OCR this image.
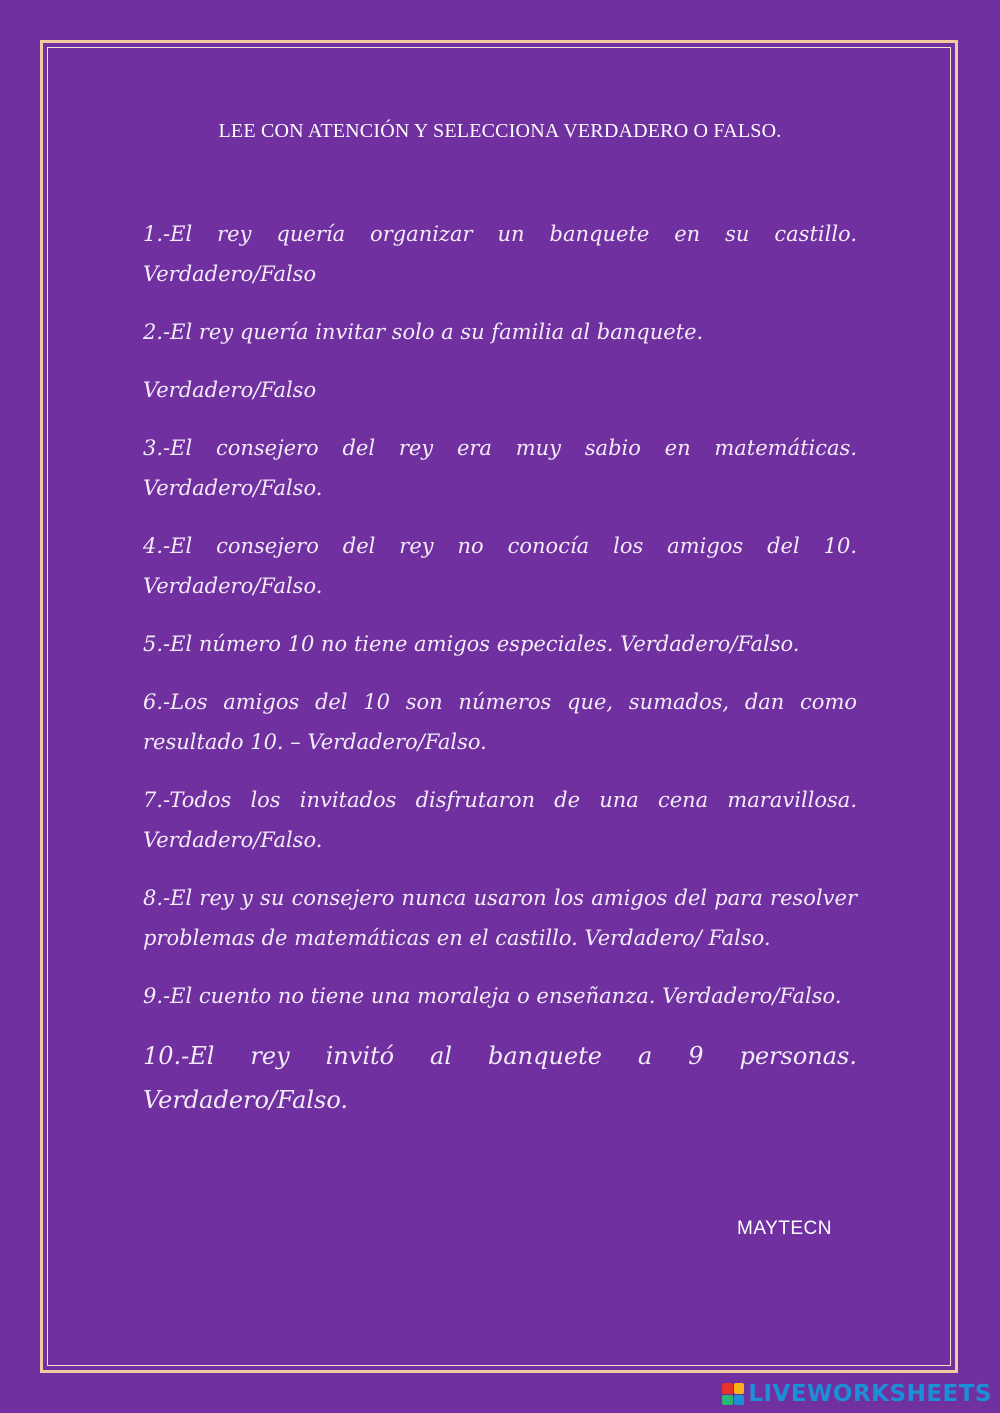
LEE CON ATENCIÓN Y SELECCIONA VERDADERO O FALSO.

1.-El rey quería organizar un banquete en su castillo. Verdadero/Falso

2.-El rey quería invitar solo a su familia al banquete.

Verdadero/Falso

3.-El consejero del rey era muy sabio en matemáticas. Verdadero/Falso.

4.-El consejero del rey no conocía los amigos del 10. Verdadero/Falso.

5.-El número 10 no tiene amigos especiales. Verdadero/Falso.

6.-Los amigos del 10 son números que, sumados, dan como resultado 10. – Verdadero/Falso.

7.-Todos los invitados disfrutaron de una cena maravillosa. Verdadero/Falso.

8.-El rey y su consejero nunca usaron los amigos del para resolver problemas de matemáticas en el castillo. Verdadero/ Falso.

9.-El cuento no tiene una moraleja o enseñanza. Verdadero/Falso.

10.-El rey invitó al banquete a 9 personas. Verdadero/Falso.

MAYTECN
LIVEWORKSHEETS
